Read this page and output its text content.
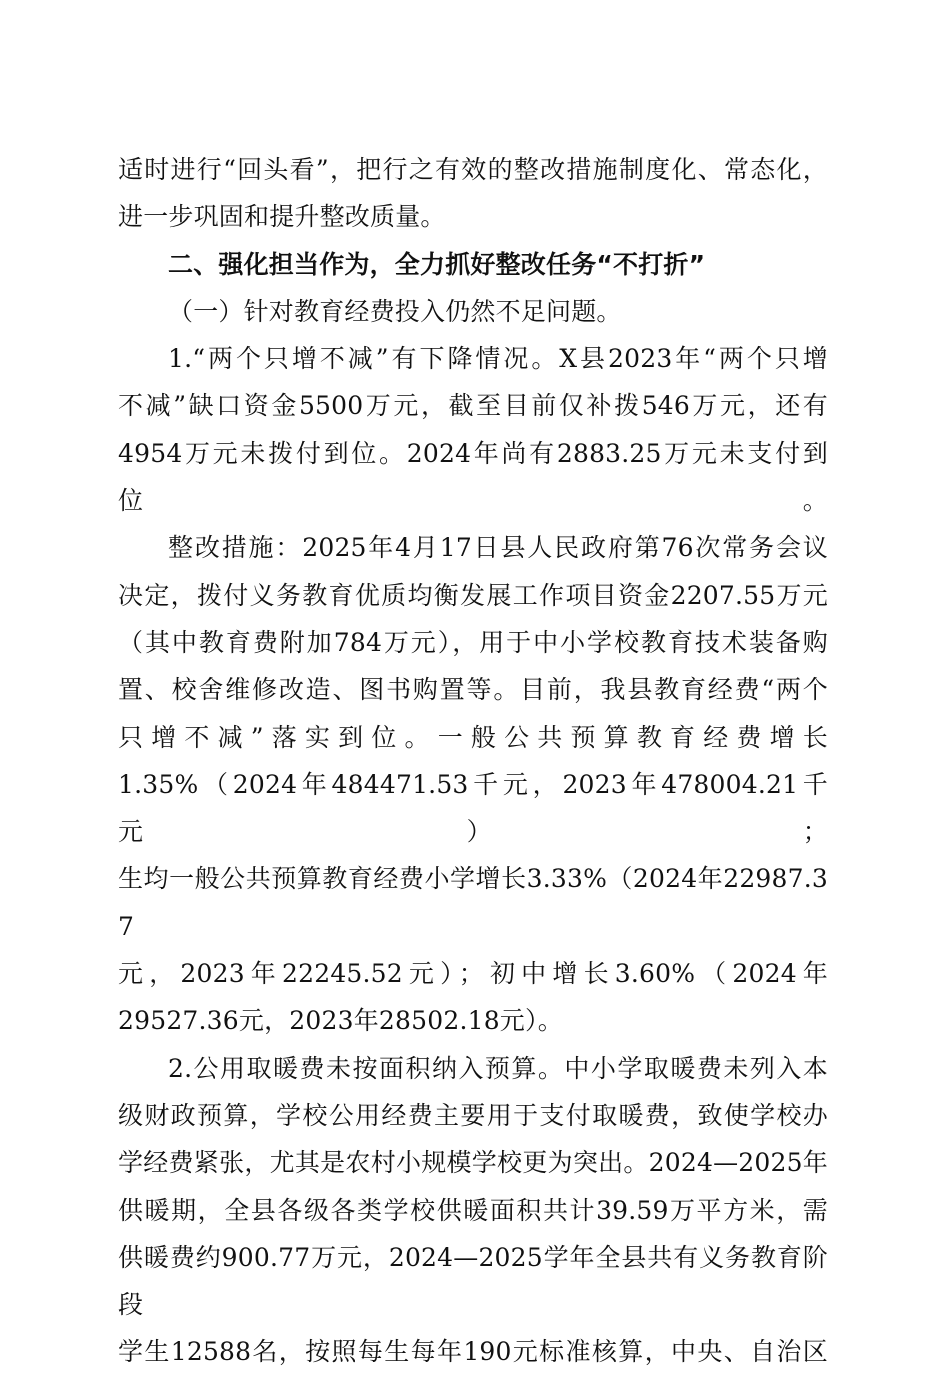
适时进行“回头看”，把行之有效的整改措施制度化、常态化，
进一步巩固和提升整改质量。

二、强化担当作为，全力抓好整改任务“不打折”

（一）针对教育经费投入仍然不足问题。

1.“两个只增不减”有下降情况。X县2023年“两个只增
不减”缺口资金5500万元，截至目前仅补拨546万元，还有
4954万元未拨付到位。2024年尚有2883.25万元未支付到位。

整改措施：2025年4月17日县人民政府第76次常务会议
决定，拨付义务教育优质均衡发展工作项目资金2207.55万元
（其中教育费附加784万元），用于中小学校教育技术装备购
置、校舍维修改造、图书购置等。目前，我县教育经费“两个
只增不减”落实到位。一般公共预算教育经费增长
1.35%（2024年484471.53千元，2023年478004.21千元）；
生均一般公共预算教育经费小学增长3.33%（2024年22987.37
元，2023年22245.52元）；初中增长3.60%（2024年
29527.36元，2023年28502.18元）。

2.公用取暖费未按面积纳入预算。中小学取暖费未列入本
级财政预算，学校公用经费主要用于支付取暖费，致使学校办
学经费紧张，尤其是农村小规模学校更为突出。2024—2025年
供暖期，全县各级各类学校供暖面积共计39.59万平方米，需
供暖费约900.77万元，2024—2025学年全县共有义务教育阶段
学生12588名，按照每生每年190元标准核算，中央、自治区
